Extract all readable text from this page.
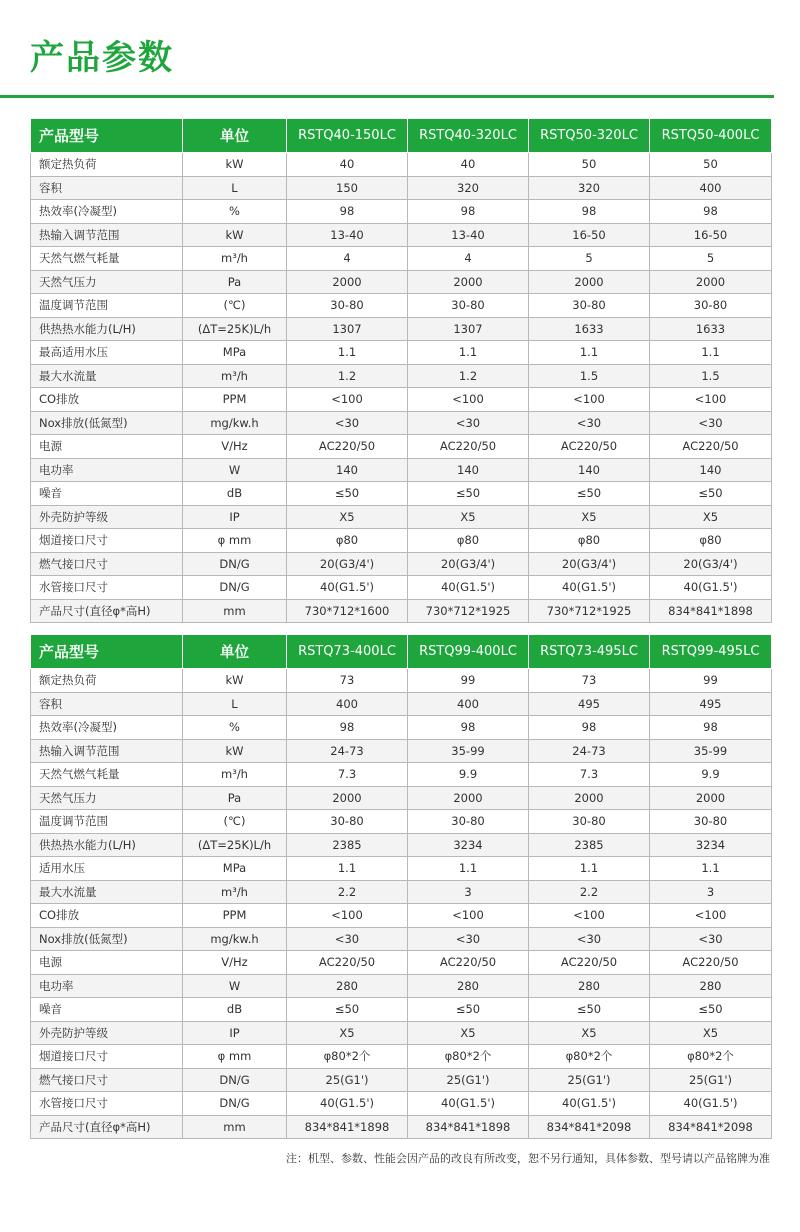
产品参数
产品型号	单位	RSTQ40-150LC	RSTQ40-320LC	RSTQ50-320LC	RSTQ50-400LC
额定热负荷	kW	40	40	50	50
容积	L	150	320	320	400
热效率(冷凝型)	%	98	98	98	98
热输入调节范围	kW	13-40	13-40	16-50	16-50
天然气燃气耗量	m³/h	4	4	5	5
天然气压力	Pa	2000	2000	2000	2000
温度调节范围	(℃)	30-80	30-80	30-80	30-80
供热热水能力(L/H)	(ΔT=25K)L/h	1307	1307	1633	1633
最高适用水压	MPa	1.1	1.1	1.1	1.1
最大水流量	m³/h	1.2	1.2	1.5	1.5
CO排放	PPM	<100	<100	<100	<100
Nox排放(低氮型)	mg/kw.h	<30	<30	<30	<30
电源	V/Hz	AC220/50	AC220/50	AC220/50	AC220/50
电功率	W	140	140	140	140
噪音	dB	≤50	≤50	≤50	≤50
外壳防护等级	IP	X5	X5	X5	X5
烟道接口尺寸	φ mm	φ80	φ80	φ80	φ80
燃气接口尺寸	DN/G	20(G3/4')	20(G3/4')	20(G3/4')	20(G3/4')
水管接口尺寸	DN/G	40(G1.5')	40(G1.5')	40(G1.5')	40(G1.5')
产品尺寸(直径φ*高H)	mm	730*712*1600	730*712*1925	730*712*1925	834*841*1898
产品型号	单位	RSTQ73-400LC	RSTQ99-400LC	RSTQ73-495LC	RSTQ99-495LC
额定热负荷	kW	73	99	73	99
容积	L	400	400	495	495
热效率(冷凝型)	%	98	98	98	98
热输入调节范围	kW	24-73	35-99	24-73	35-99
天然气燃气耗量	m³/h	7.3	9.9	7.3	9.9
天然气压力	Pa	2000	2000	2000	2000
温度调节范围	(℃)	30-80	30-80	30-80	30-80
供热热水能力(L/H)	(ΔT=25K)L/h	2385	3234	2385	3234
适用水压	MPa	1.1	1.1	1.1	1.1
最大水流量	m³/h	2.2	3	2.2	3
CO排放	PPM	<100	<100	<100	<100
Nox排放(低氮型)	mg/kw.h	<30	<30	<30	<30
电源	V/Hz	AC220/50	AC220/50	AC220/50	AC220/50
电功率	W	280	280	280	280
噪音	dB	≤50	≤50	≤50	≤50
外壳防护等级	IP	X5	X5	X5	X5
烟道接口尺寸	φ mm	φ80*2个	φ80*2个	φ80*2个	φ80*2个
燃气接口尺寸	DN/G	25(G1')	25(G1')	25(G1')	25(G1')
水管接口尺寸	DN/G	40(G1.5')	40(G1.5')	40(G1.5')	40(G1.5')
产品尺寸(直径φ*高H)	mm	834*841*1898	834*841*1898	834*841*2098	834*841*2098
注：机型、参数、性能会因产品的改良有所改变，恕不另行通知，具体参数、型号请以产品铭牌为准
